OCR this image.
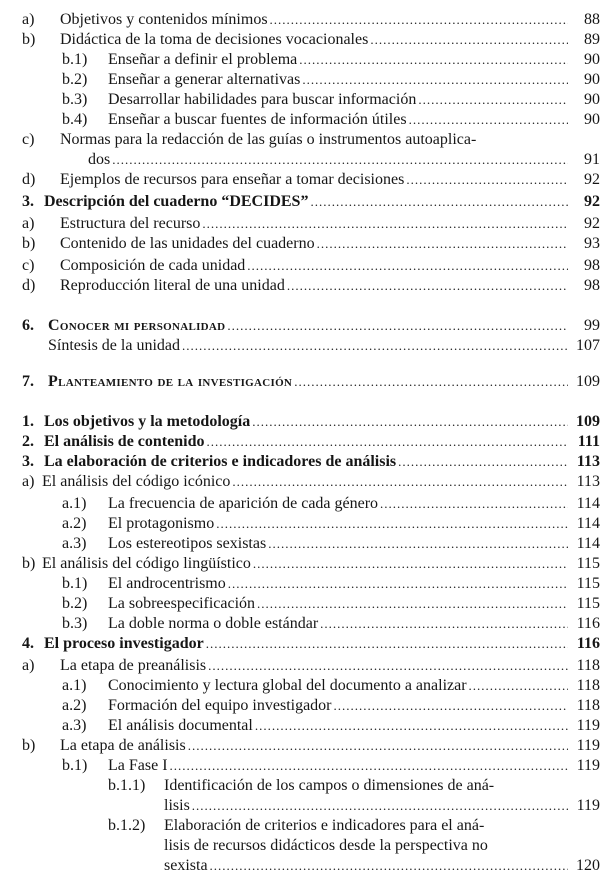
a) Objetivos y contenidos mínimos .....	88
b) Didáctica de la toma de decisiones vocacionales .....	89
b.1) Enseñar a definir el problema .....	90
b.2) Enseñar a generar alternativas .....	90
b.3) Desarrollar habilidades para buscar información .....	90
b.4) Enseñar a buscar fuentes de información útiles .....	90
c) Normas para la redacción de las guías o instrumentos autoaplica-
dos .....	91
d) Ejemplos de recursos para enseñar a tomar decisiones .....	92
3. Descripción del cuaderno “DECIDES” .....	92
a) Estructura del recurso .....	92
b) Contenido de las unidades del cuaderno .....	93
c) Composición de cada unidad .....	98
d) Reproducción literal de una unidad .....	98
6. Conocer mi personalidad .....	99
Síntesis de la unidad .....	107
7. Planteamiento de la investigación .....	109
1. Los objetivos y la metodología .....	109
2. El análisis de contenido .....	111
3. La elaboración de criterios e indicadores de análisis .....	113
a) El análisis del código icónico .....	113
a.1) La frecuencia de aparición de cada género .....	114
a.2) El protagonismo .....	114
a.3) Los estereotipos sexistas .....	114
b) El análisis del código lingüístico .....	115
b.1) El androcentrismo .....	115
b.2) La sobreespecificación .....	115
b.3) La doble norma o doble estándar .....	116
4. El proceso investigador .....	116
a) La etapa de preanálisis .....	118
a.1) Conocimiento y lectura global del documento a analizar .....	118
a.2) Formación del equipo investigador .....	118
a.3) El análisis documental .....	119
b) La etapa de análisis .....	119
b.1) La Fase I .....	119
b.1.1) Identificación de los campos o dimensiones de aná-
lisis .....	119
b.1.2) Elaboración de criterios e indicadores para el aná-
lisis de recursos didácticos desde la perspectiva no
sexista .....	120
